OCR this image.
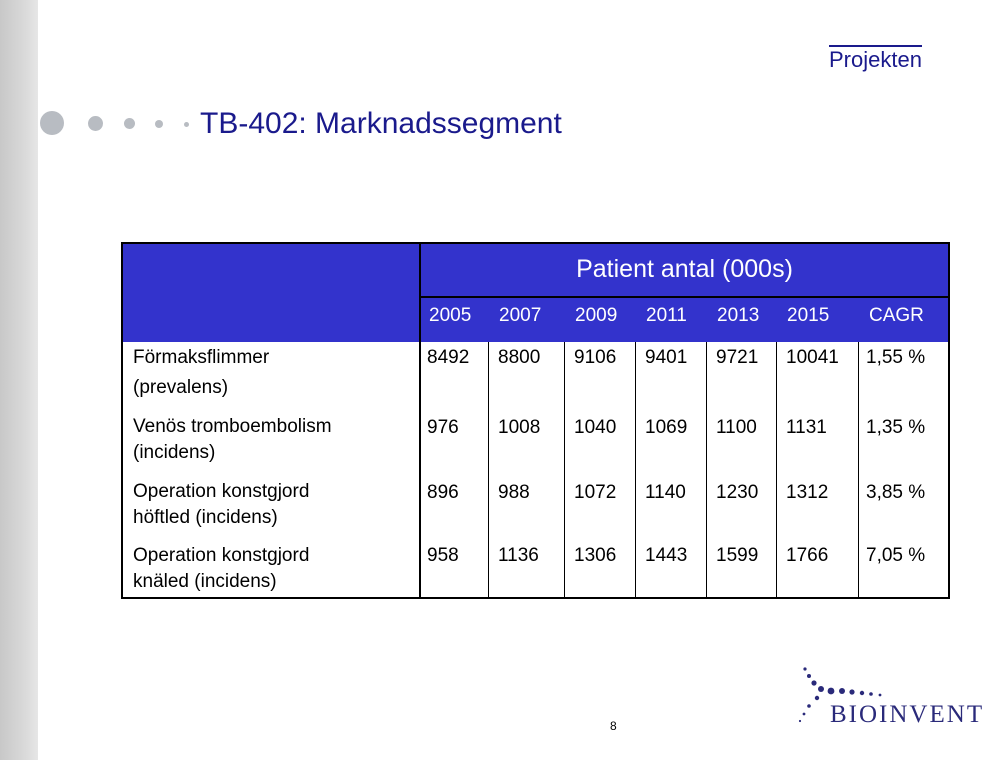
Projekten
TB-402: Marknadssegment
Patient antal (000s)
2005 2007 2009 2011 2013 2015 CAGR
Förmaksflimmer
(prevalens)
8492 8800 9106 9401 9721 10041 1,55 %
Venös tromboembolism
(incidens)
976 1008 1040 1069 1100 1131 1,35 %
Operation konstgjord
höftled (incidens)
896 988 1072 1140 1230 1312 3,85 %
Operation konstgjord
knäled (incidens)
958 1136 1306 1443 1599 1766 7,05 %
8	BIOINVENT
